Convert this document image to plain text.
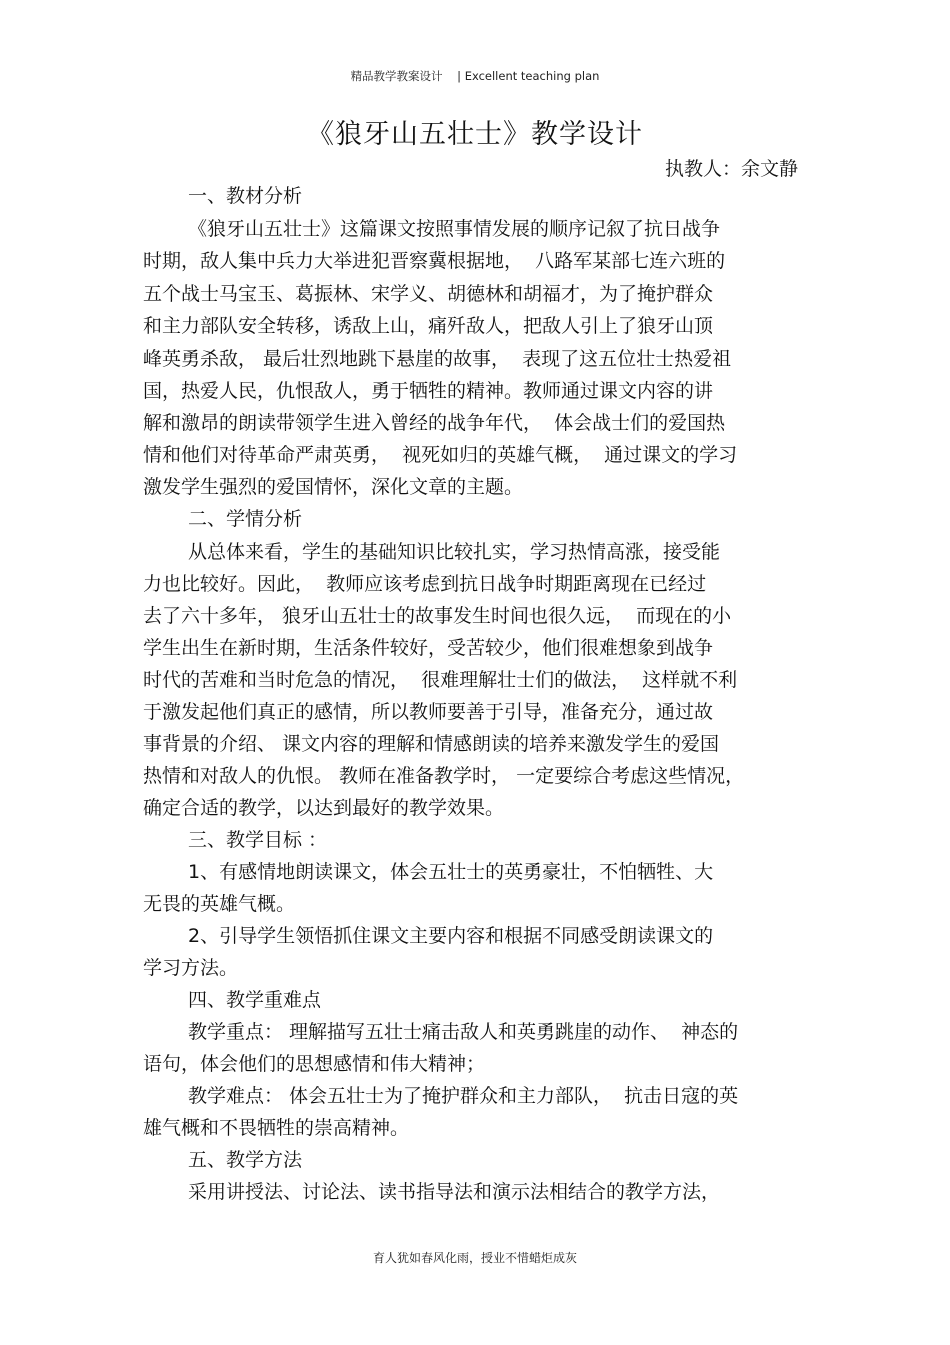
精品教学教案设计    | Excellent teaching plan
《狼牙山五壮士》教学设计
执教人：余文静
一、教材分析
《狼牙山五壮士》这篇课文按照事情发展的顺序记叙了抗日战争
时期，敌人集中兵力大举进犯晋察冀根据地，  八路军某部七连六班的
五个战士马宝玉、葛振林、宋学义、胡德林和胡福才，为了掩护群众
和主力部队安全转移，诱敌上山，痛歼敌人，把敌人引上了狼牙山顶
峰英勇杀敌， 最后壮烈地跳下悬崖的故事，  表现了这五位壮士热爱祖
国，热爱人民，仇恨敌人，勇于牺牲的精神。教师通过课文内容的讲
解和激昂的朗读带领学生进入曾经的战争年代，  体会战士们的爱国热
情和他们对待革命严肃英勇，  视死如归的英雄气概，  通过课文的学习
激发学生强烈的爱国情怀，深化文章的主题。
二、学情分析
从总体来看，学生的基础知识比较扎实，学习热情高涨，接受能
力也比较好。因此，  教师应该考虑到抗日战争时期距离现在已经过
去了六十多年， 狼牙山五壮士的故事发生时间也很久远，  而现在的小
学生出生在新时期，生活条件较好，受苦较少，他们很难想象到战争
时代的苦难和当时危急的情况，  很难理解壮士们的做法，  这样就不利
于激发起他们真正的感情，所以教师要善于引导，准备充分，通过故
事背景的介绍、 课文内容的理解和情感朗读的培养来激发学生的爱国
热情和对敌人的仇恨。 教师在准备教学时， 一定要综合考虑这些情况，
确定合适的教学，以达到最好的教学效果。
三、教学目标 ：
1、有感情地朗读课文，体会五壮士的英勇豪壮，不怕牺牲、大
无畏的英雄气概。
2、引导学生领悟抓住课文主要内容和根据不同感受朗读课文的
学习方法。
四、教学重难点
教学重点： 理解描写五壮士痛击敌人和英勇跳崖的动作、  神态的
语句，体会他们的思想感情和伟大精神；
教学难点： 体会五壮士为了掩护群众和主力部队，  抗击日寇的英
雄气概和不畏牺牲的崇高精神。
五、教学方法
采用讲授法、讨论法、读书指导法和演示法相结合的教学方法，
育人犹如春风化雨，授业不惜蜡炬成灰
